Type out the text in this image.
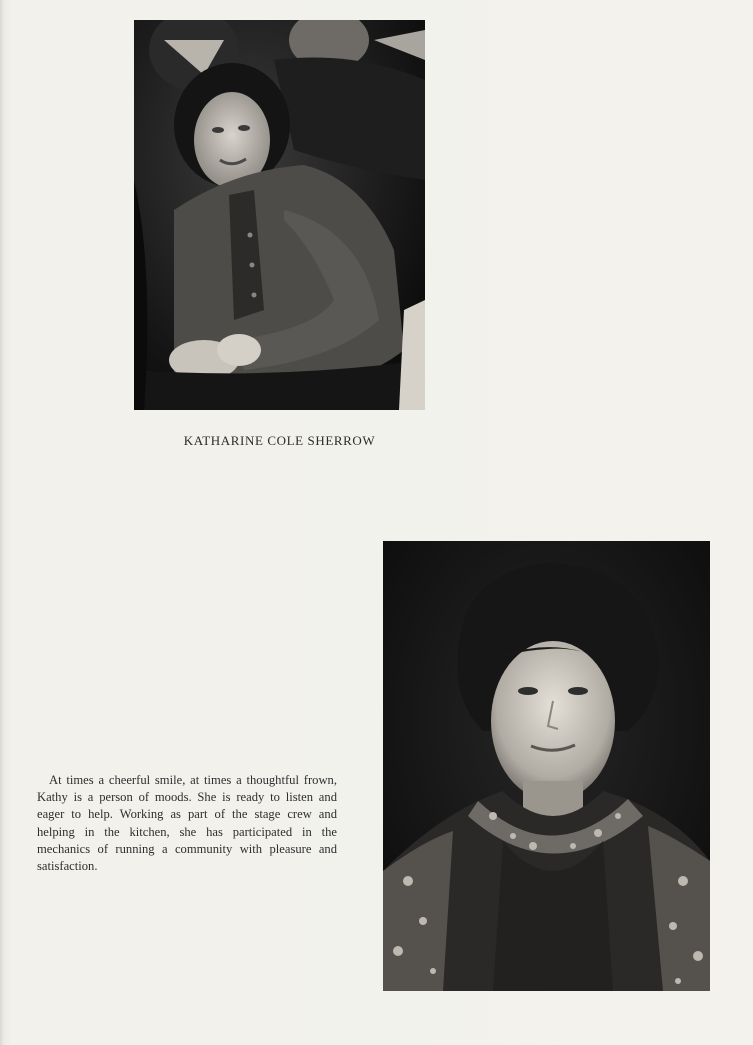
KATHARINE COLE SHERROW
At times a cheerful smile, at times a thoughtful frown, Kathy is a person of moods. She is ready to listen and eager to help. Working as part of the stage crew and helping in the kitchen, she has participated in the mechanics of running a community with pleasure and satisfaction.
